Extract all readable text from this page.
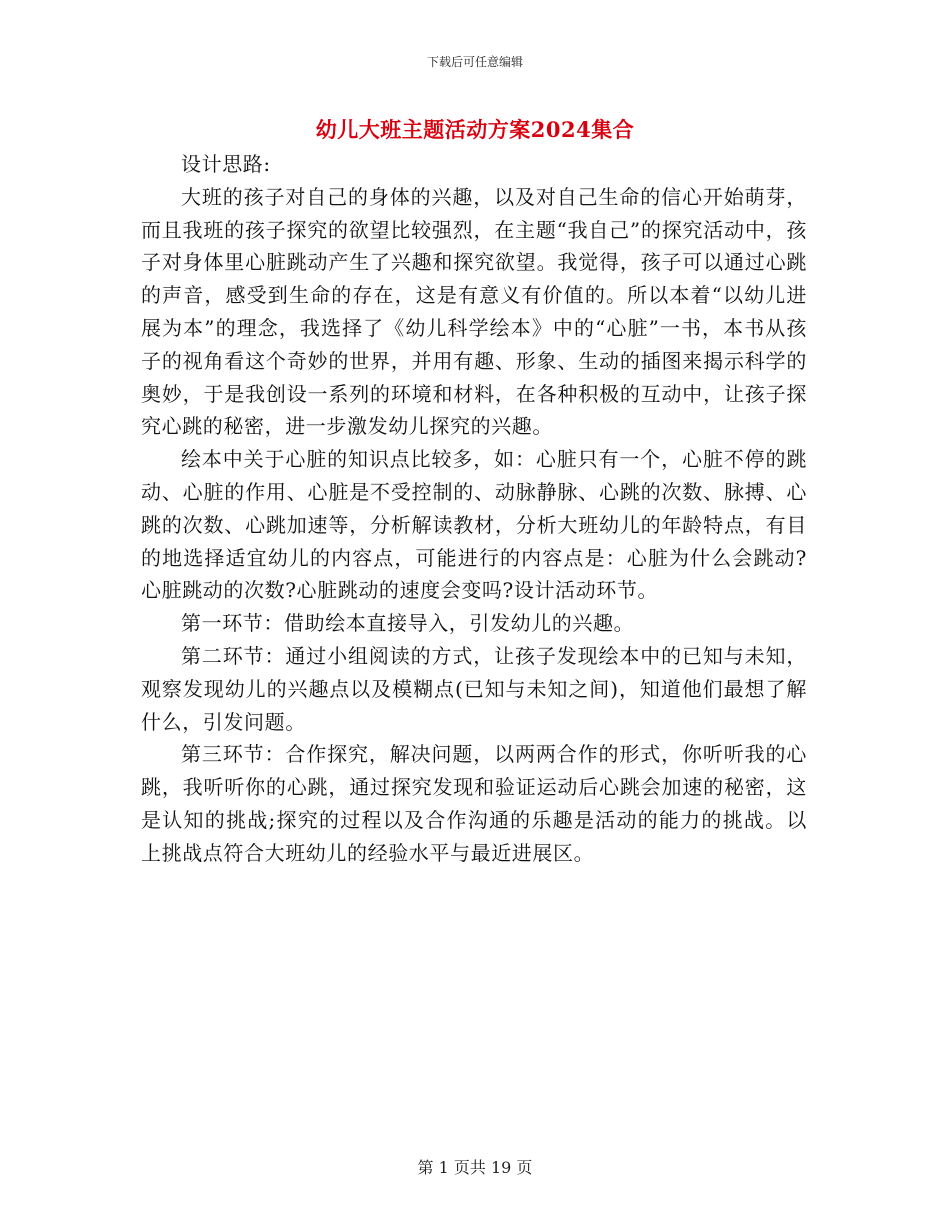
下载后可任意编辑
幼儿大班主题活动方案2024集合

设计思路:

大班的孩子对自己的身体的兴趣，以及对自己生命的信心开始萌芽，而且我班的孩子探究的欲望比较强烈，在主题“我自己”的探究活动中，孩子对身体里心脏跳动产生了兴趣和探究欲望。我觉得，孩子可以通过心跳的声音，感受到生命的存在，这是有意义有价值的。所以本着“以幼儿进展为本”的理念，我选择了《幼儿科学绘本》中的“心脏”一书，本书从孩子的视角看这个奇妙的世界，并用有趣、形象、生动的插图来揭示科学的奥妙，于是我创设一系列的环境和材料，在各种积极的互动中，让孩子探究心跳的秘密，进一步激发幼儿探究的兴趣。

绘本中关于心脏的知识点比较多，如：心脏只有一个，心脏不停的跳动、心脏的作用、心脏是不受控制的、动脉静脉、心跳的次数、脉搏、心跳的次数、心跳加速等，分析解读教材，分析大班幼儿的年龄特点，有目的地选择适宜幼儿的内容点，可能进行的内容点是：心脏为什么会跳动?心脏跳动的次数?心脏跳动的速度会变吗?设计活动环节。

第一环节：借助绘本直接导入，引发幼儿的兴趣。

第二环节：通过小组阅读的方式，让孩子发现绘本中的已知与未知，观察发现幼儿的兴趣点以及模糊点(已知与未知之间)，知道他们最想了解什么，引发问题。

第三环节：合作探究，解决问题，以两两合作的形式，你听听我的心跳，我听听你的心跳，通过探究发现和验证运动后心跳会加速的秘密，这是认知的挑战;探究的过程以及合作沟通的乐趣是活动的能力的挑战。以上挑战点符合大班幼儿的经验水平与最近进展区。

第 1 页共 19 页
